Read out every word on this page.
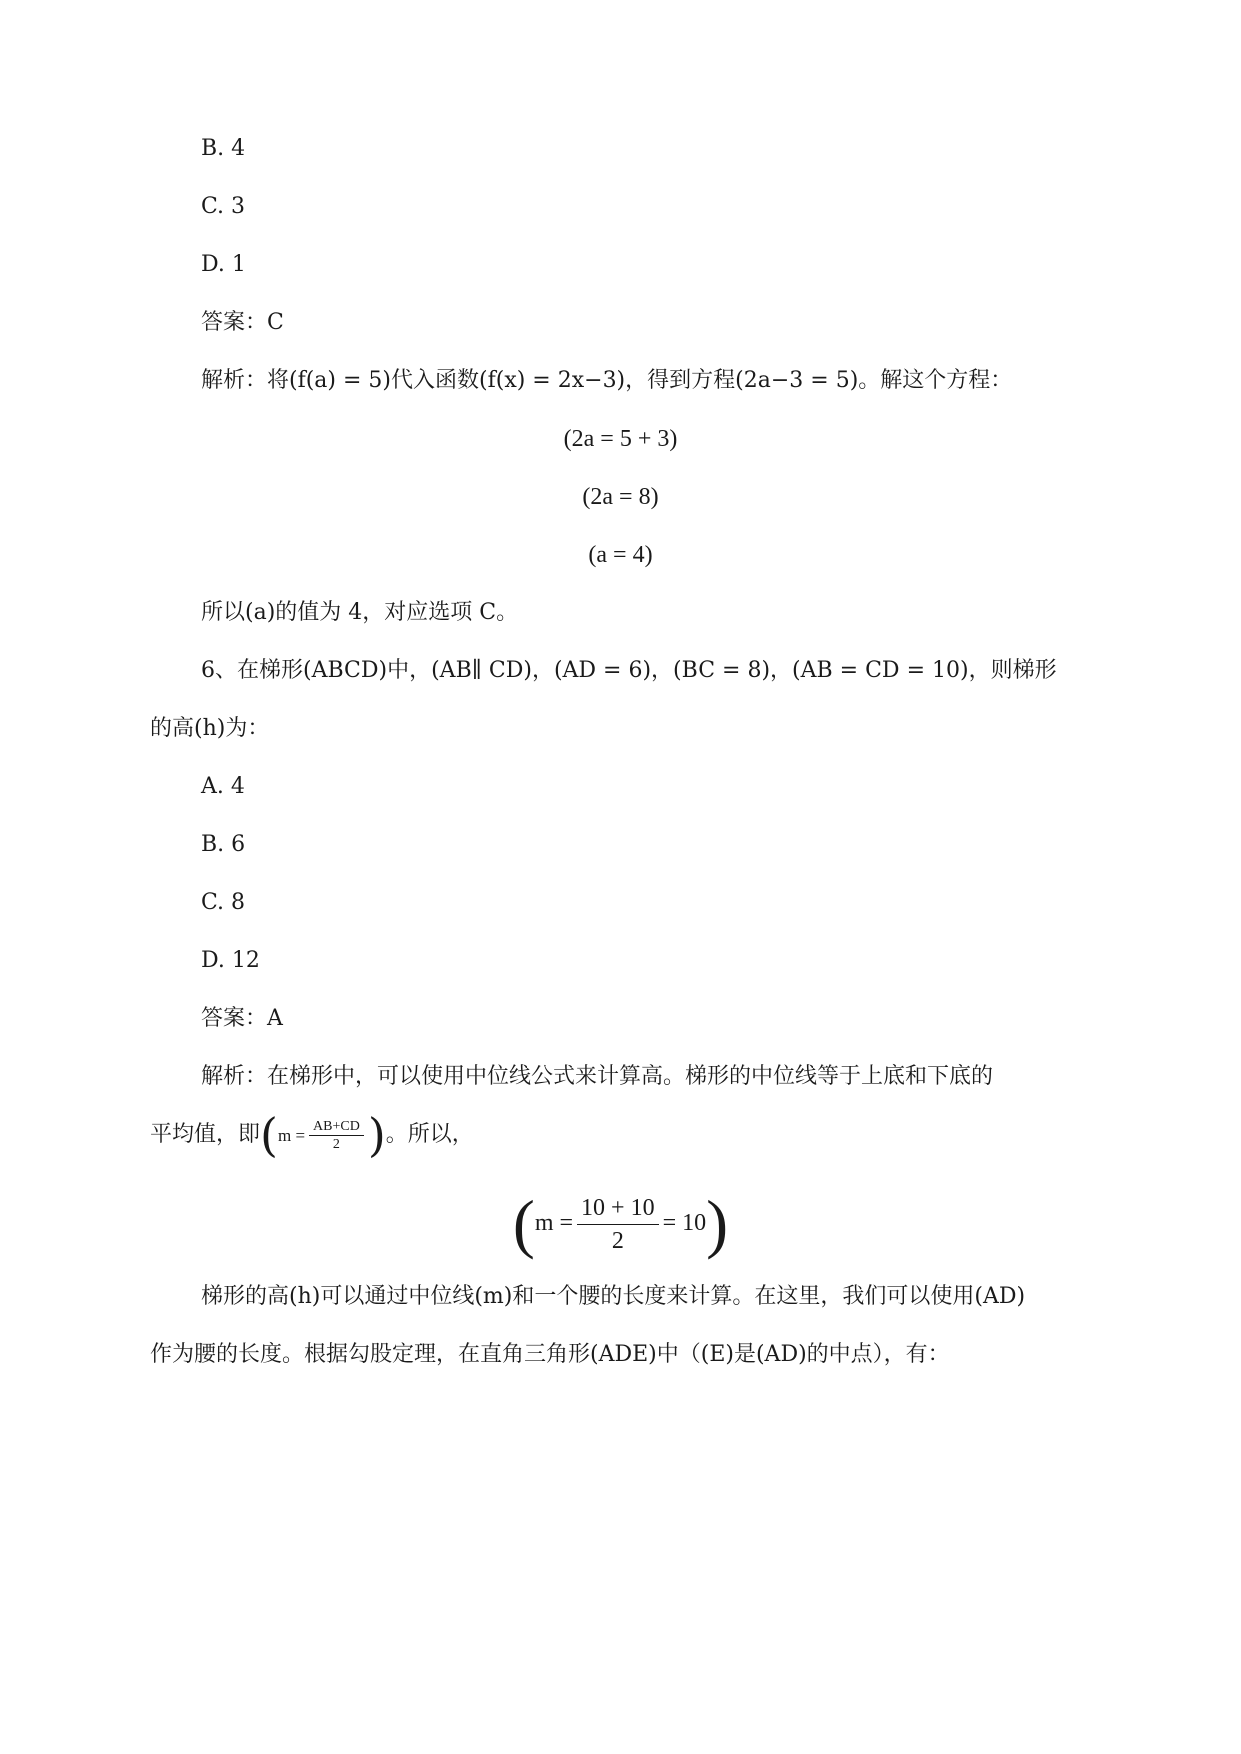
B. 4
C. 3
D. 1
答案：C
解析：将(f(a) = 5)代入函数(f(x) = 2x−3)，得到方程(2a−3 = 5)。解这个方程：
(2a = 5 + 3)
(2a = 8)
(a = 4)
所以(a)的值为 4，对应选项 C。
6、在梯形(ABCD)中，(AB∥ CD)，(AD = 6)，(BC = 8)，(AB = CD = 10)，则梯形
的高(h)为：
A. 4
B. 6
C. 8
D. 12
答案：A
解析：在梯形中，可以使用中位线公式来计算高。梯形的中位线等于上底和下底的
平均值，即($m = \frac{AB+CD}{2}$ )。所以，
$(m = \frac{10 + 10}{2} = 10)$
梯形的高(h)可以通过中位线(m)和一个腰的长度来计算。在这里，我们可以使用(AD)
作为腰的长度。根据勾股定理，在直角三角形(ADE)中（(E)是(AD)的中点），有：
